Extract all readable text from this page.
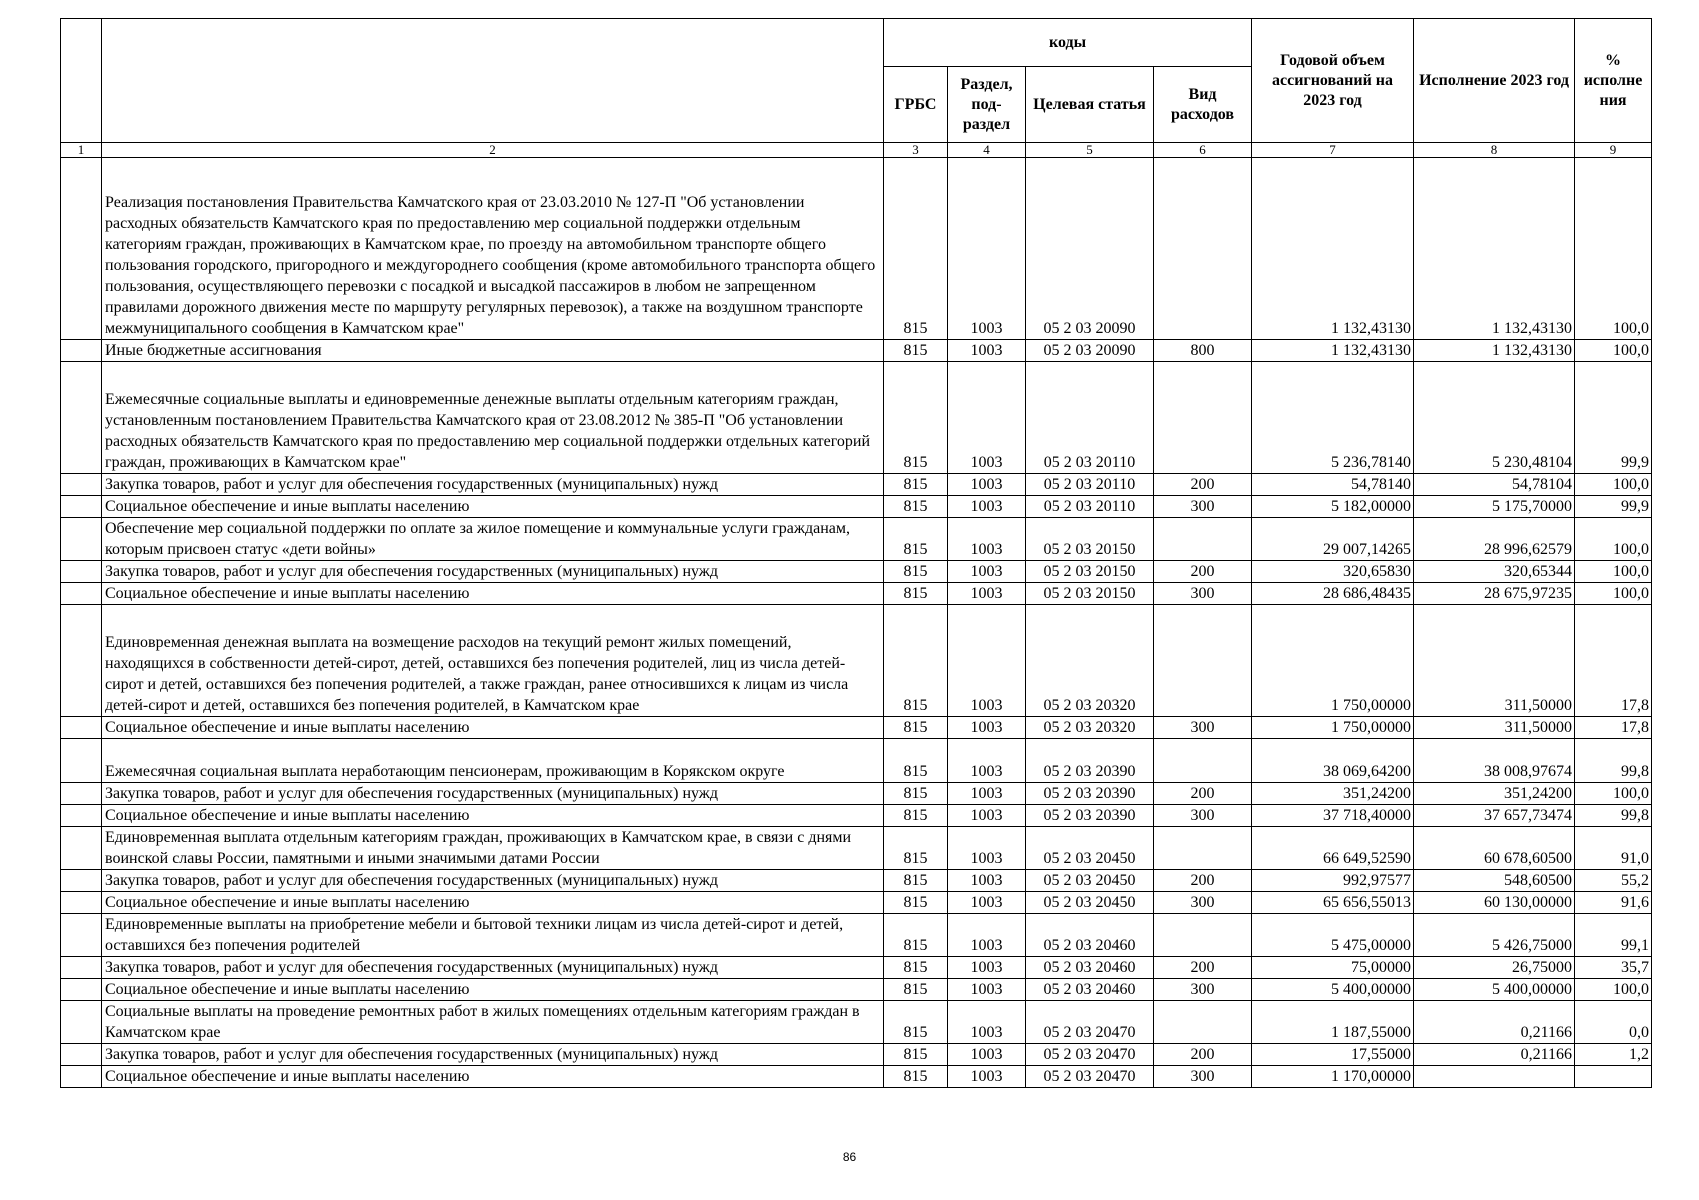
		коды				Годовой объем ассигнований на 2023 год	Исполнение 2023 год	% исполне ния
		ГРБС	Раздел, под-раздел	Целевая статья	Вид расходов			
1	2	3	4	5	6	7	8	9
	Реализация постановления Правительства Камчатского края от 23.03.2010 № 127-П "Об установлении расходных обязательств Камчатского края по предоставлению мер социальной поддержки отдельным категориям граждан, проживающих в Камчатском крае, по проезду на автомобильном транспорте общего пользования городского, пригородного и междугороднего сообщения (кроме автомобильного транспорта общего пользования, осуществляющего перевозки с посадкой и высадкой пассажиров в любом не запрещенном правилами дорожного движения месте по маршруту регулярных перевозок), а также на воздушном транспорте межмуниципального сообщения в Камчатском крае"	815	1003	05 2 03 20090		1 132,43130	1 132,43130	100,0
	Иные бюджетные ассигнования	815	1003	05 2 03 20090	800	1 132,43130	1 132,43130	100,0
	Ежемесячные социальные выплаты и единовременные денежные выплаты отдельным категориям граждан, установленным постановлением Правительства Камчатского края от 23.08.2012 № 385-П "Об установлении расходных обязательств Камчатского края по предоставлению мер социальной поддержки отдельных категорий граждан, проживающих в Камчатском крае"	815	1003	05 2 03 20110		5 236,78140	5 230,48104	99,9
	Закупка товаров, работ и услуг для обеспечения государственных (муниципальных) нужд	815	1003	05 2 03 20110	200	54,78140	54,78104	100,0
	Социальное обеспечение и иные выплаты населению	815	1003	05 2 03 20110	300	5 182,00000	5 175,70000	99,9
	Обеспечение мер социальной поддержки по оплате за жилое помещение и коммунальные услуги гражданам, которым присвоен статус «дети войны»	815	1003	05 2 03 20150		29 007,14265	28 996,62579	100,0
	Закупка товаров, работ и услуг для обеспечения государственных (муниципальных) нужд	815	1003	05 2 03 20150	200	320,65830	320,65344	100,0
	Социальное обеспечение и иные выплаты населению	815	1003	05 2 03 20150	300	28 686,48435	28 675,97235	100,0
	Единовременная денежная выплата на возмещение расходов на текущий ремонт жилых помещений, находящихся в собственности детей-сирот, детей, оставшихся без попечения родителей, лиц из числа детей-сирот и детей, оставшихся без попечения родителей, а также граждан, ранее относившихся к лицам из числа детей-сирот и детей, оставшихся без попечения родителей, в Камчатском крае	815	1003	05 2 03 20320		1 750,00000	311,50000	17,8
	Социальное обеспечение и иные выплаты населению	815	1003	05 2 03 20320	300	1 750,00000	311,50000	17,8
	Ежемесячная социальная выплата неработающим пенсионерам, проживающим в Корякском округе	815	1003	05 2 03 20390		38 069,64200	38 008,97674	99,8
	Закупка товаров, работ и услуг для обеспечения государственных (муниципальных) нужд	815	1003	05 2 03 20390	200	351,24200	351,24200	100,0
	Социальное обеспечение и иные выплаты населению	815	1003	05 2 03 20390	300	37 718,40000	37 657,73474	99,8
	Единовременная выплата отдельным категориям граждан, проживающих в Камчатском крае, в связи с днями воинской славы России, памятными и иными значимыми датами России	815	1003	05 2 03 20450		66 649,52590	60 678,60500	91,0
	Закупка товаров, работ и услуг для обеспечения государственных (муниципальных) нужд	815	1003	05 2 03 20450	200	992,97577	548,60500	55,2
	Социальное обеспечение и иные выплаты населению	815	1003	05 2 03 20450	300	65 656,55013	60 130,00000	91,6
	Единовременные выплаты на приобретение мебели и бытовой техники лицам из числа детей-сирот и детей, оставшихся без попечения родителей	815	1003	05 2 03 20460		5 475,00000	5 426,75000	99,1
	Закупка товаров, работ и услуг для обеспечения государственных (муниципальных) нужд	815	1003	05 2 03 20460	200	75,00000	26,75000	35,7
	Социальное обеспечение и иные выплаты населению	815	1003	05 2 03 20460	300	5 400,00000	5 400,00000	100,0
	Социальные выплаты на проведение ремонтных работ в жилых помещениях отдельным категориям граждан в Камчатском крае	815	1003	05 2 03 20470		1 187,55000	0,21166	0,0
	Закупка товаров, работ и услуг для обеспечения государственных (муниципальных) нужд	815	1003	05 2 03 20470	200	17,55000	0,21166	1,2
	Социальное обеспечение и иные выплаты населению	815	1003	05 2 03 20470	300	1 170,00000		
86
